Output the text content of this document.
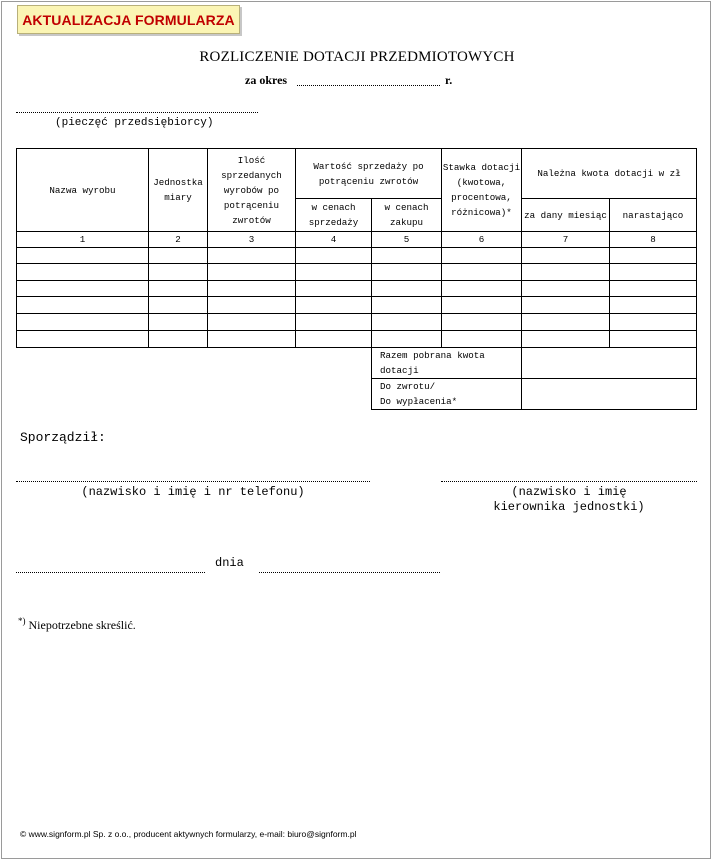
AKTUALIZACJA FORMULARZA
ROZLICZENIE DOTACJI PRZEDMIOTOWYCH
za okres	r.
(pieczęć przedsiębiorcy)
Nazwa wyrobu	Jednostka miary	Ilość sprzedanych wyrobów po potrąceniu zwrotów	Wartość sprzedaży po potrąceniu zwrotów		Stawka dotacji (kwotowa, procentowa, różnicowa)*	Należna kwota dotacji w zł	
			w cenach sprzedaży	w cenach zakupu		za dany miesiąc	narastająco
1	2	3	4	5	6	7	8

Razem pobrana kwota dotacji	

Do zwrotu/
Do wypłacenia*	

Sporządził:
(nazwisko i imię i nr telefonu)	(nazwisko i imię
kierownika jednostki)
dnia
*) Niepotrzebne skreślić.
© www.signform.pl Sp. z o.o., producent aktywnych formularzy, e-mail: biuro@signform.pl
